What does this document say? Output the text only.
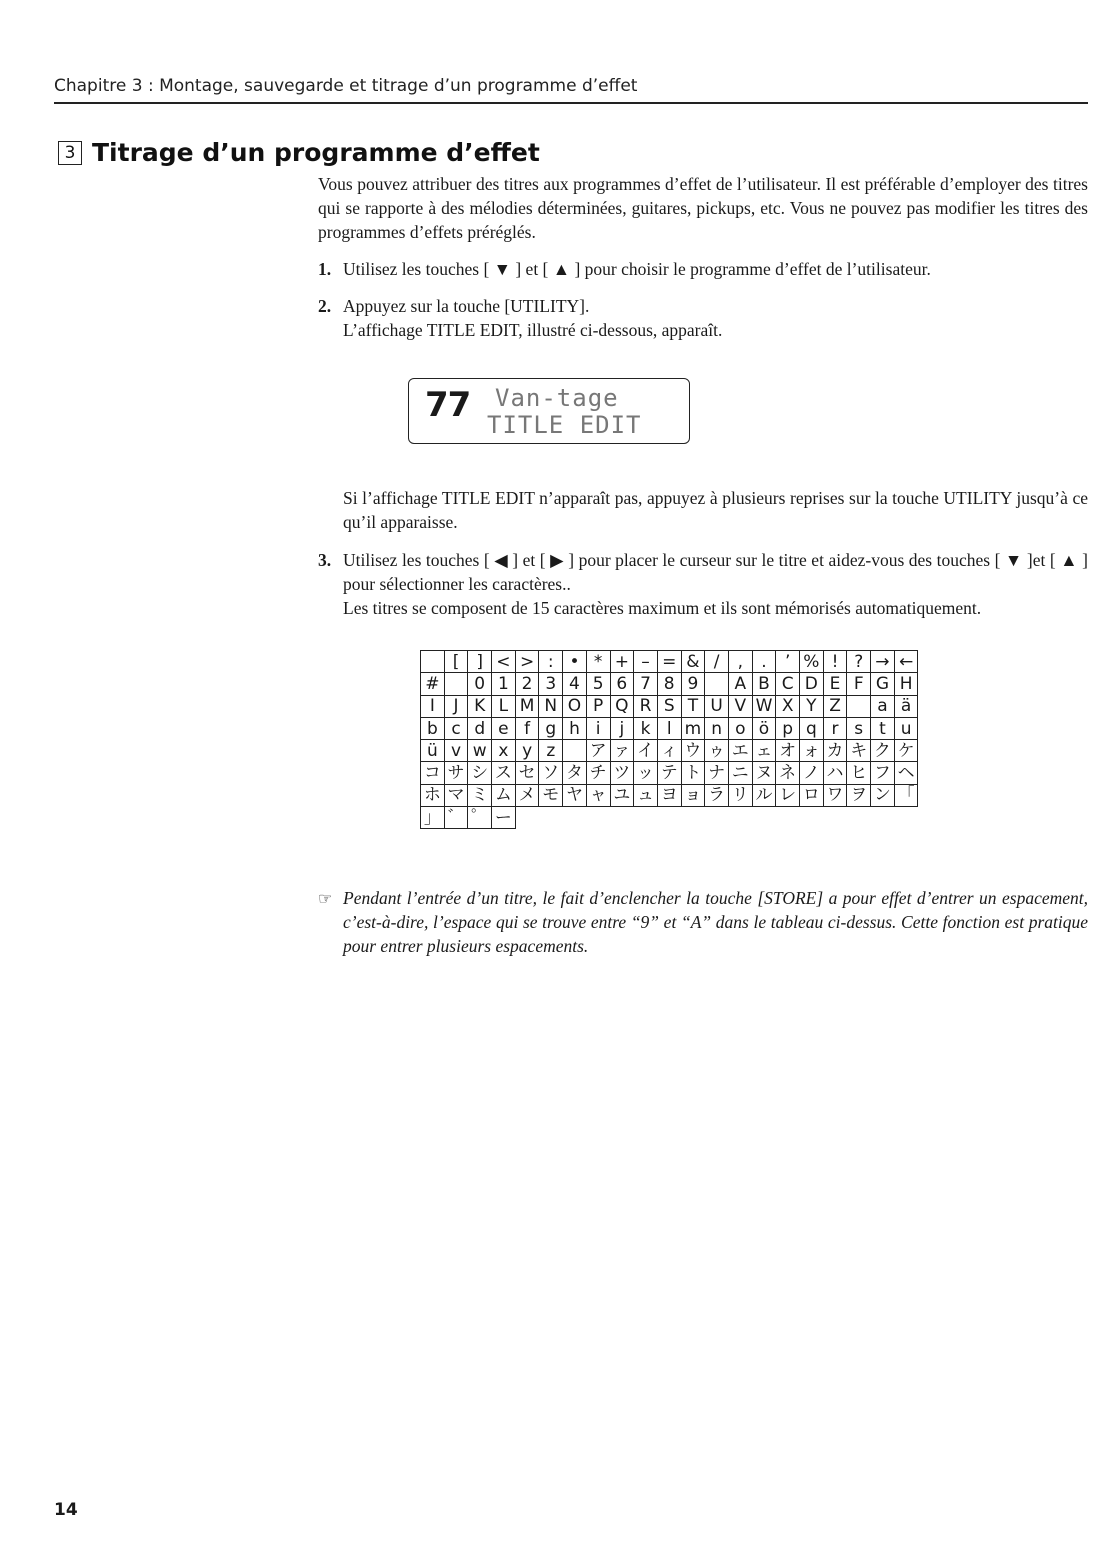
Chapitre 3 : Montage, sauvegarde et titrage d’un programme d’effet
3 Titrage d’un programme d’effet
Vous pouvez attribuer des titres aux programmes d’effet de l’utilisateur. Il est préférable d’employer des titres qui se rapporte à des mélodies déterminées, guitares, pickups, etc. Vous ne pouvez pas modifier les titres des programmes d’effets préréglés.
1. Utilisez les touches [ ▼ ] et [ ▲ ] pour choisir le programme d’effet de l’utilisateur.
2. Appuyez sur la touche [UTILITY].
L’affichage TITLE EDIT, illustré ci-dessous, apparaît.
77 Van-tage
TITLE EDIT
Si l’affichage TITLE EDIT n’apparaît pas, appuyez à plusieurs reprises sur la touche UTILITY jusqu’à ce qu’il apparaisse.
3. Utilisez les touches [ ◀ ] et [ ▶ ] pour placer le curseur sur le titre et aidez-vous des touches [ ▼ ]et [ ▲ ] pour sélectionner les caractères..
Les titres se composent de 15 caractères maximum et ils sont mémorisés automatiquement.
	[	]	<	>	:	•	*	+	–	=	&	/	,	.	’	%	!	?	→	←
#		0	1	2	3	4	5	6	7	8	9		A	B	C	D	E	F	G	H
I	J	K	L	M	N	O	P	Q	R	S	T	U	V	W	X	Y	Z		a	ä
b	c	d	e	f	g	h	i	j	k	l	m	n	o	ö	p	q	r	s	t	u
ü	v	w	x	y	z		ア	ァ	イ	ィ	ウ	ゥ	エ	ェ	オ	ォ	カ	キ	ク	ケ
コ	サ	シ	ス	セ	ソ	タ	チ	ツ	ッ	テ	ト	ナ	ニ	ヌ	ネ	ノ	ハ	ヒ	フ	ヘ
ホ	マ	ミ	ム	メ	モ	ヤ	ャ	ユ	ュ	ヨ	ョ	ラ	リ	ル	レ	ロ	ワ	ヲ	ン	「
」	゛	゜	ー																	
☞ Pendant l’entrée d’un titre, le fait d’enclencher la touche [STORE] a pour effet d’entrer un espacement, c’est-à-dire, l’espace qui se trouve entre “9” et “A” dans le tableau ci-dessus. Cette fonction est pratique pour entrer plusieurs espacements.
14
